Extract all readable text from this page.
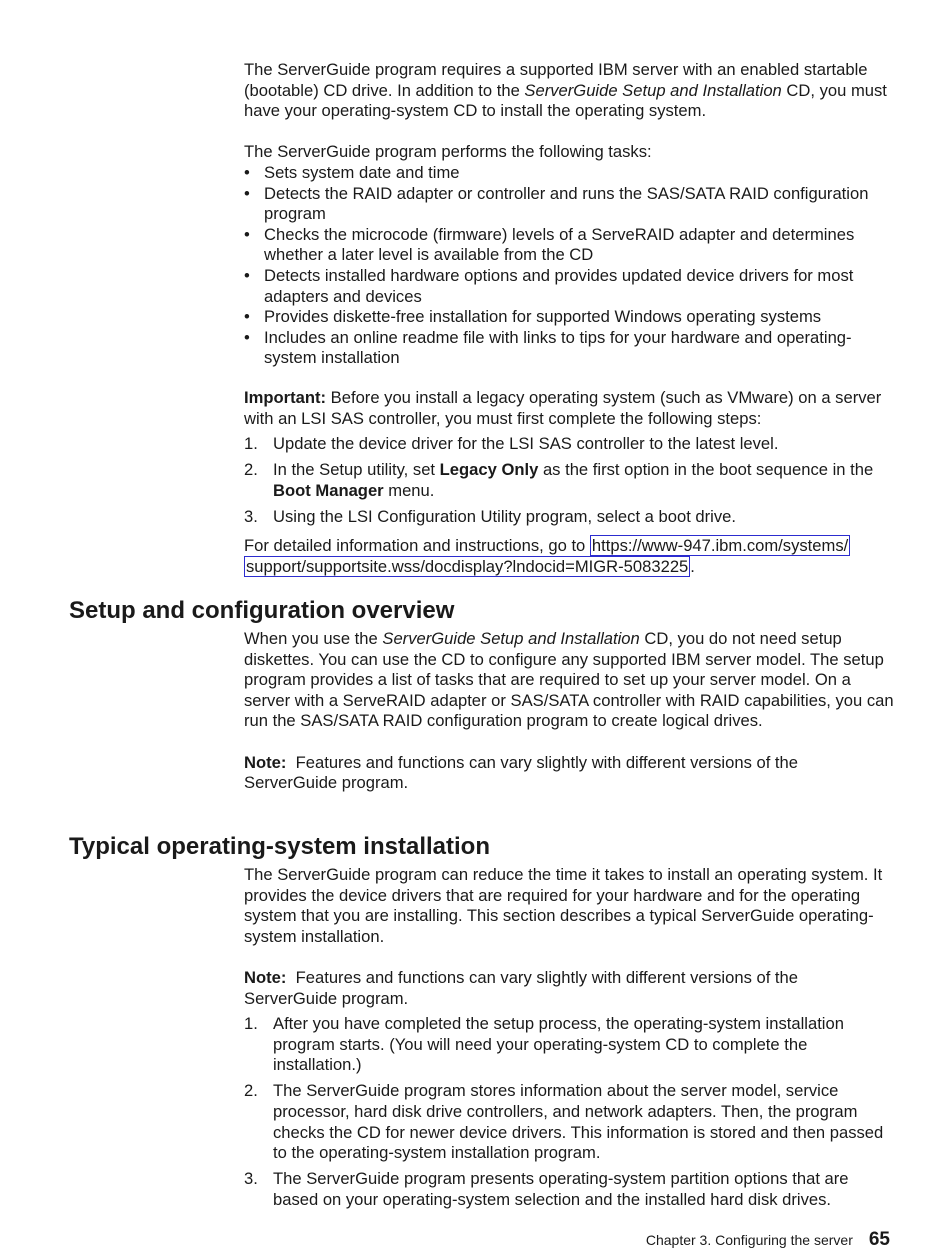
The ServerGuide program requires a supported IBM server with an enabled startable (bootable) CD drive. In addition to the ServerGuide Setup and Installation CD, you must have your operating-system CD to install the operating system.

The ServerGuide program performs the following tasks:

• Sets system date and time
• Detects the RAID adapter or controller and runs the SAS/SATA RAID configuration program
• Checks the microcode (firmware) levels of a ServeRAID adapter and determines whether a later level is available from the CD
• Detects installed hardware options and provides updated device drivers for most adapters and devices
• Provides diskette-free installation for supported Windows operating systems
• Includes an online readme file with links to tips for your hardware and operating-system installation

Important: Before you install a legacy operating system (such as VMware) on a server with an LSI SAS controller, you must first complete the following steps:

1. Update the device driver for the LSI SAS controller to the latest level.
2. In the Setup utility, set Legacy Only as the first option in the boot sequence in the Boot Manager menu.
3. Using the LSI Configuration Utility program, select a boot drive.

For detailed information and instructions, go to https://www-947.ibm.com/systems/
support/supportsite.wss/docdisplay?lndocid=MIGR-5083225 .

Setup and configuration overview

When you use the ServerGuide Setup and Installation CD, you do not need setup diskettes. You can use the CD to configure any supported IBM server model. The setup program provides a list of tasks that are required to set up your server model. On a server with a ServeRAID adapter or SAS/SATA controller with RAID capabilities, you can run the SAS/SATA RAID configuration program to create logical drives.

Note:  Features and functions can vary slightly with different versions of the ServerGuide program.

Typical operating-system installation

The ServerGuide program can reduce the time it takes to install an operating system. It provides the device drivers that are required for your hardware and for the operating system that you are installing. This section describes a typical ServerGuide operating-system installation.

Note:  Features and functions can vary slightly with different versions of the ServerGuide program.

1. After you have completed the setup process, the operating-system installation program starts. (You will need your operating-system CD to complete the installation.)
2. The ServerGuide program stores information about the server model, service processor, hard disk drive controllers, and network adapters. Then, the program checks the CD for newer device drivers. This information is stored and then passed to the operating-system installation program.
3. The ServerGuide program presents operating-system partition options that are based on your operating-system selection and the installed hard disk drives.
Chapter 3. Configuring the server 65
